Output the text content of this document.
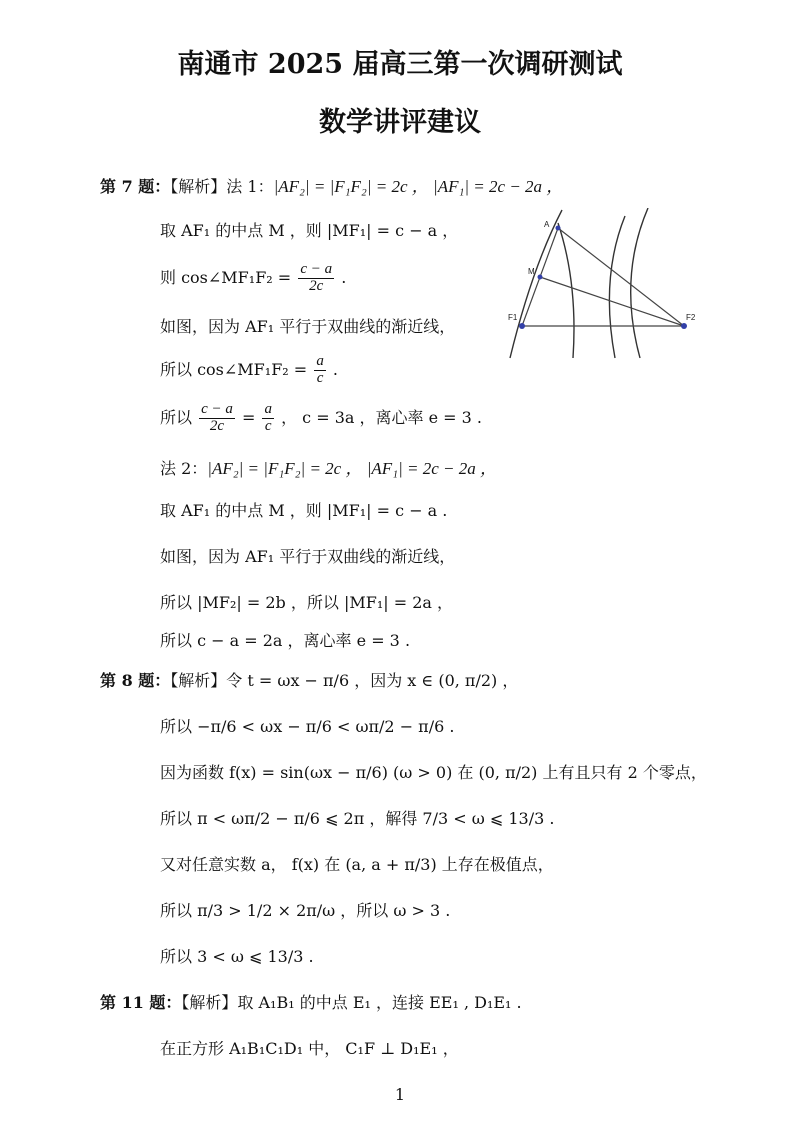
南通市 2025 届高三第一次调研测试
数学讲评建议
第 7 题：【解析】法 1：|AF₂| = |F₁F₂| = 2c ， |AF₁| = 2c − 2a ，
取 AF₁ 的中点 M ，则 |MF₁| = c − a ，
则 cos∠MF₁F₂ = $\frac{c - a}{2c}$ .
如图，因为 AF₁ 平行于双曲线的渐近线，
所以 cos∠MF₁F₂ = $\frac{a}{c}$ .
所以 $\frac{c - a}{2c} = \frac{a}{c}$ ， c = 3a ，离心率 e = 3 .
法 2：|AF₂| = |F₁F₂| = 2c ， |AF₁| = 2c − 2a ，
取 AF₁ 的中点 M ，则 |MF₁| = c − a .
如图，因为 AF₁ 平行于双曲线的渐近线，
所以 |MF₂| = 2b ，所以 |MF₁| = 2a ，
所以 c − a = 2a ，离心率 e = 3 .
A
M
F1	F2
第 8 题：【解析】令 t = ωx − π/6 ，因为 x ∈ (0, π/2) ，
所以 −π/6 < ωx − π/6 < ωπ/2 − π/6 .
因为函数 f(x) = sin(ωx − π/6) (ω > 0) 在 (0, π/2) 上有且只有 2 个零点，
所以 π < ωπ/2 − π/6 ⩽ 2π ，解得 7/3 < ω ⩽ 13/3 .
又对任意实数 a， f(x) 在 (a, a + π/3) 上存在极值点，
所以 π/3 > 1/2 × 2π/ω ，所以 ω > 3 .
所以 3 < ω ⩽ 13/3 .
第 11 题：【解析】取 A₁B₁ 的中点 E₁ ，连接 EE₁ , D₁E₁ .
在正方形 A₁B₁C₁D₁ 中， C₁F ⊥ D₁E₁ ，
1
